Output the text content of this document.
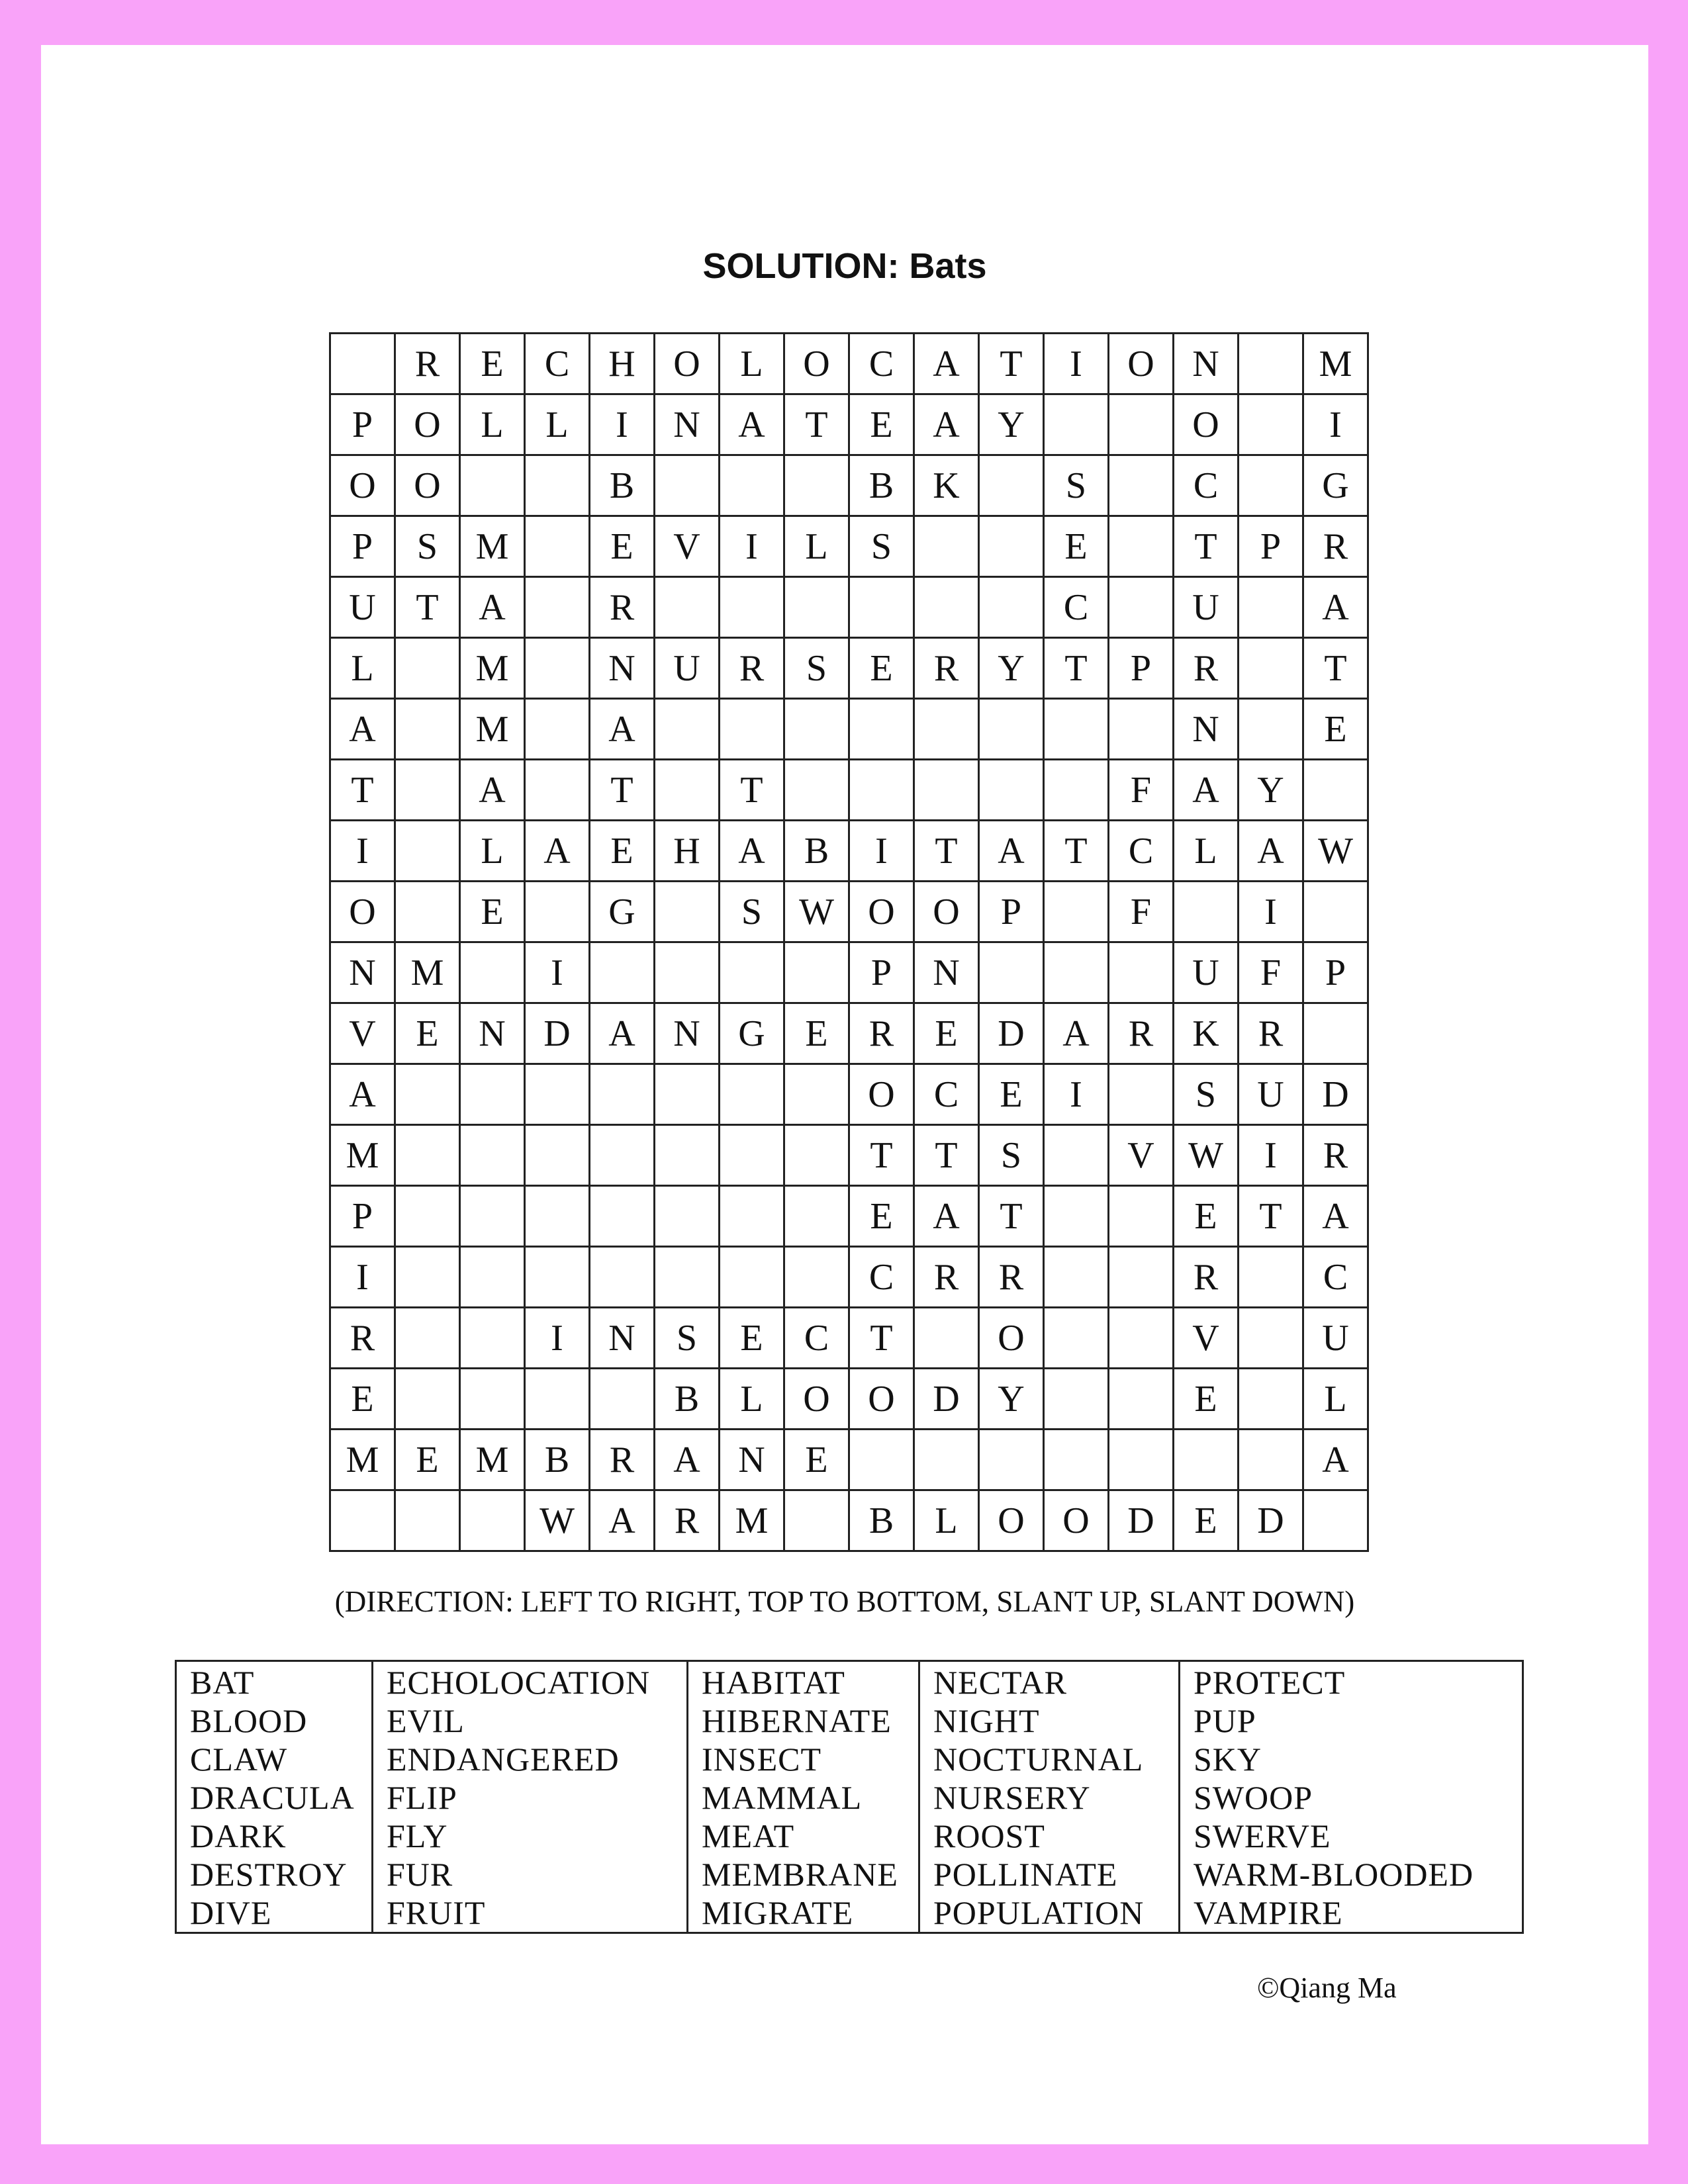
SOLUTION: Bats
	R	E	C	H	O	L	O	C	A	T	I	O	N		M
P	O	L	L	I	N	A	T	E	A	Y			O		I
O	O			B				B	K		S		C		G
P	S	M		E	V	I	L	S			E		T	P	R
U	T	A		R							C		U		A
L		M		N	U	R	S	E	R	Y	T	P	R		T
A		M		A									N		E
T		A		T		T						F	A	Y	
I		L	A	E	H	A	B	I	T	A	T	C	L	A	W
O		E		G		S	W	O	O	P		F		I	
N	M		I					P	N				U	F	P
V	E	N	D	A	N	G	E	R	E	D	A	R	K	R	
A								O	C	E	I		S	U	D
M								T	T	S		V	W	I	R
P								E	A	T			E	T	A
I								C	R	R			R		C
R			I	N	S	E	C	T		O			V		U
E					B	L	O	O	D	Y			E		L
M	E	M	B	R	A	N	E								A
			W	A	R	M		B	L	O	O	D	E	D	
(DIRECTION: LEFT TO RIGHT, TOP TO BOTTOM, SLANT UP, SLANT DOWN)
BAT
BLOOD
CLAW
DRACULA
DARK
DESTROY
DIVE

ECHOLOCATION
EVIL
ENDANGERED
FLIP
FLY
FUR
FRUIT

HABITAT
HIBERNATE
INSECT
MAMMAL
MEAT
MEMBRANE
MIGRATE

NECTAR
NIGHT
NOCTURNAL
NURSERY
ROOST
POLLINATE
POPULATION

PROTECT
PUP
SKY
SWOOP
SWERVE
WARM-BLOODED
VAMPIRE
©Qiang Ma
